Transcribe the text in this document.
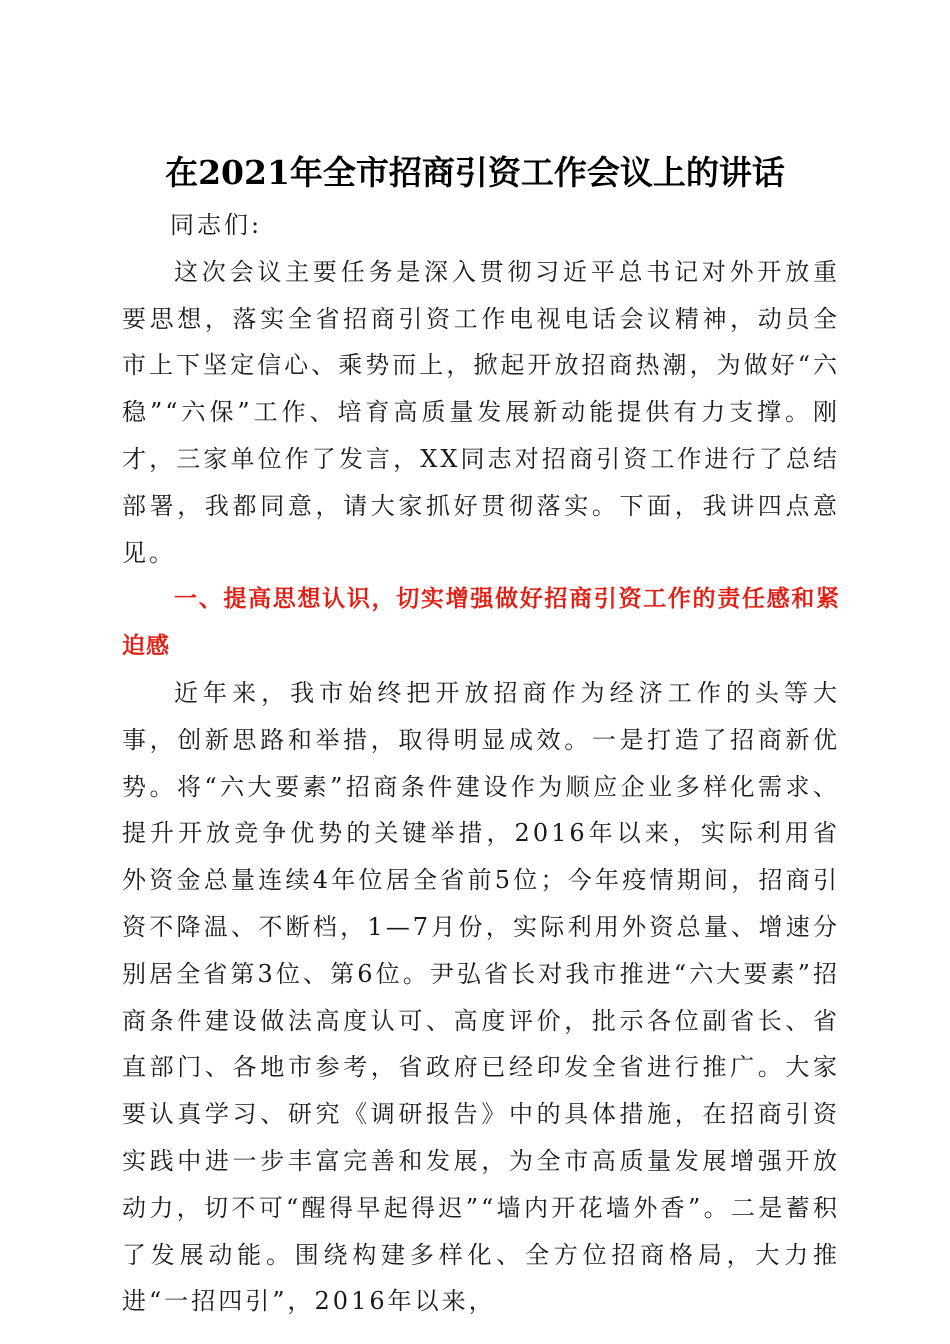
在2021年全市招商引资工作会议上的讲话

同志们:

这次会议主要任务是深入贯彻习近平总书记对外开放重要思想，落实全省招商引资工作电视电话会议精神，动员全市上下坚定信心、乘势而上，掀起开放招商热潮，为做好“六稳”“六保”工作、培育高质量发展新动能提供有力支撑。刚才，三家单位作了发言，XX同志对招商引资工作进行了总结部署，我都同意，请大家抓好贯彻落实。下面，我讲四点意见。

一、提高思想认识，切实增强做好招商引资工作的责任感和紧迫感

近年来，我市始终把开放招商作为经济工作的头等大事，创新思路和举措，取得明显成效。一是打造了招商新优势。将“六大要素”招商条件建设作为顺应企业多样化需求、提升开放竞争优势的关键举措，2016年以来，实际利用省外资金总量连续4年位居全省前5位；今年疫情期间，招商引资不降温、不断档，1—7月份，实际利用外资总量、增速分别居全省第3位、第6位。尹弘省长对我市推进“六大要素”招商条件建设做法高度认可、高度评价，批示各位副省长、省直部门、各地市参考，省政府已经印发全省进行推广。大家要认真学习、研究《调研报告》中的具体措施，在招商引资实践中进一步丰富完善和发展，为全市高质量发展增强开放动力，切不可“醒得早起得迟”“墙内开花墙外香”。二是蓄积了发展动能。围绕构建多样化、全方位招商格局，大力推进“一招四引”，2016年以来，
